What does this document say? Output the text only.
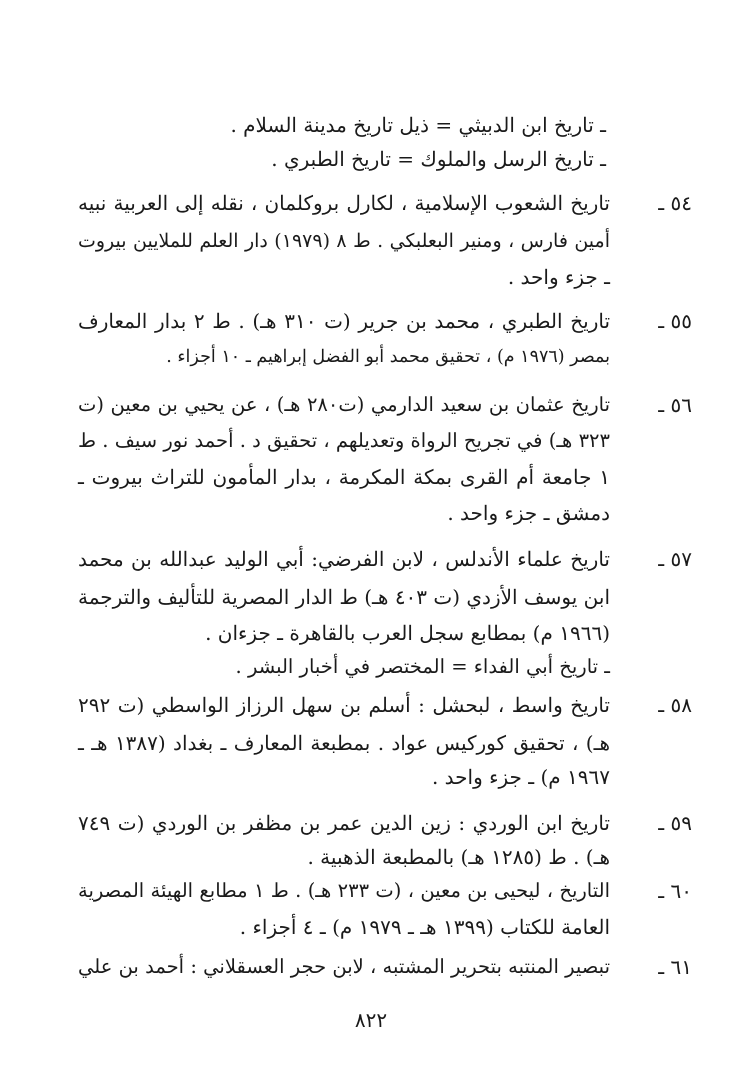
ـ تاريخ ابن الدبيثي = ذيل تاريخ مدينة السلام .
ـ تاريخ الرسل والملوك = تاريخ الطبري .
٥٤ ـ
تاريخ الشعوب الإسلامية ، لكارل بروكلمان ، نقله إلى العربية نبيه
أمين فارس ، ومنير البعلبكي . ط ٨ (١٩٧٩) دار العلم للملايين بيروت
ـ جزء واحد .
٥٥ ـ
تاريخ الطبري ، محمد بن جرير (ت ٣١٠ هـ) . ط ٢ بدار المعارف
بمصر (١٩٧٦ م) ، تحقيق محمد أبو الفضل إبراهيم ـ ١٠ أجزاء .
٥٦ ـ
تاريخ عثمان بن سعيد الدارمي (ت٢٨٠ هـ) ، عن يحيي بن معين (ت
٣٢٣ هـ) في تجريح الرواة وتعديلهم ، تحقيق د . أحمد نور سيف . ط
١ جامعة أم القرى بمكة المكرمة ، بدار المأمون للتراث بيروت ـ
دمشق ـ جزء واحد .
٥٧ ـ
تاريخ علماء الأندلس ، لابن الفرضي: أبي الوليد عبدالله بن محمد
ابن يوسف الأزدي (ت ٤٠٣ هـ) ط الدار المصرية للتأليف والترجمة
(١٩٦٦ م) بمطابع سجل العرب بالقاهرة ـ جزءان .
ـ تاريخ أبي الفداء = المختصر في أخبار البشر .
٥٨ ـ
تاريخ واسط ، لبحشل : أسلم بن سهل الرزاز الواسطي (ت ٢٩٢
هـ) ، تحقيق كوركيس عواد . بمطبعة المعارف ـ بغداد (١٣٨٧ هـ ـ
١٩٦٧ م) ـ جزء واحد .
٥٩ ـ
تاريخ ابن الوردي : زين الدين عمر بن مظفر بن الوردي (ت ٧٤٩
هـ) . ط (١٢٨٥ هـ) بالمطبعة الذهبية .
٦٠ ـ
التاريخ ، ليحيى بن معين ، (ت ٢٣٣ هـ) . ط ١ مطابع الهيئة المصرية
العامة للكتاب (١٣٩٩ هـ ـ ١٩٧٩ م) ـ ٤ أجزاء .
٦١ ـ
تبصير المنتبه بتحرير المشتبه ، لابن حجر العسقلاني : أحمد بن علي
٨٢٢
